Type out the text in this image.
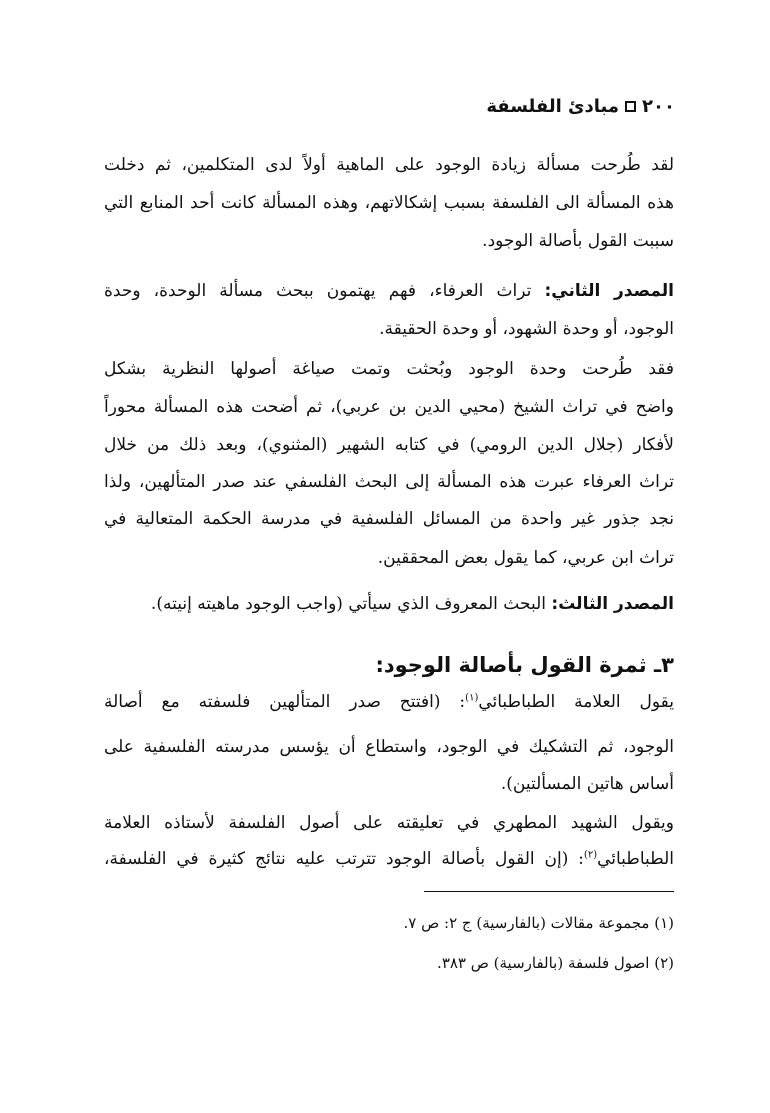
٢٠٠
مبادئ الفلسفة
لقد طُرحت مسألة زيادة الوجود على الماهية أولاً لدى المتكلمين، ثم دخلت
هذه المسألة الى الفلسفة بسبب إشكالاتهم، وهذه المسألة كانت أحد المنابع التي
سببت القول بأصالة الوجود.
المصدر الثاني: تراث العرفاء، فهم يهتمون ببحث مسألة الوحدة، وحدة
الوجود، أو وحدة الشهود، أو وحدة الحقيقة.
فقد طُرحت وحدة الوجود وبُحثت وتمت صياغة أصولها النظرية بشكل
واضح في تراث الشيخ (محيي الدين بن عربي)، ثم أضحت هذه المسألة محوراً
لأفكار (جلال الدين الرومي) في كتابه الشهير (المثنوي)، وبعد ذلك من خلال
تراث العرفاء عبرت هذه المسألة إلى البحث الفلسفي عند صدر المتألهين، ولذا
نجد جذور غير واحدة من المسائل الفلسفية في مدرسة الحكمة المتعالية في
تراث ابن عربي، كما يقول بعض المحققين.
المصدر الثالث: البحث المعروف الذي سيأتي (واجب الوجود ماهيته إنيته).
٣ـ ثمرة القول بأصالة الوجود:
يقول العلامة الطباطبائي$^{(١)}$: (افتتح صدر المتألهين فلسفته مع أصالة
الوجود، ثم التشكيك في الوجود، واستطاع أن يؤسس مدرسته الفلسفية على
أساس هاتين المسألتين).
ويقول الشهيد المطهري في تعليقته على أصول الفلسفة لأستاذه العلامة
الطباطبائي$^{(٢)}$: (إن القول بأصالة الوجود تترتب عليه نتائج كثيرة في الفلسفة،
(١) مجموعة مقالات (بالفارسية) ج ٢: ص ٧.
(٢) اصول فلسفة (بالفارسية) ص ٣٨٣.
